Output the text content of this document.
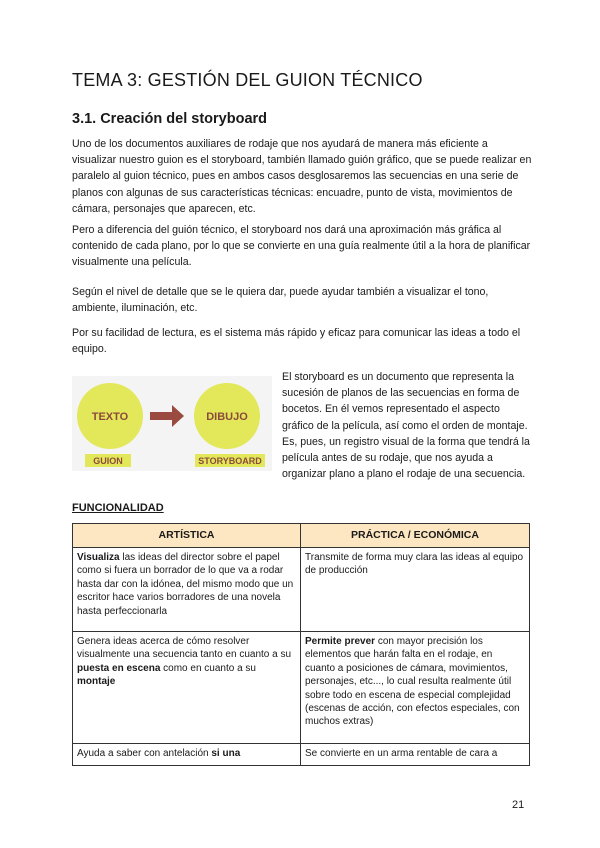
TEMA 3: GESTIÓN DEL GUION TÉCNICO
3.1. Creación del storyboard

Uno de los documentos auxiliares de rodaje que nos ayudará de manera más eficiente a visualizar nuestro guion es el storyboard, también llamado guión gráfico, que se puede realizar en paralelo al guion técnico, pues en ambos casos desglosaremos las secuencias en una serie de planos con algunas de sus características técnicas: encuadre, punto de vista, movimientos de cámara, personajes que aparecen, etc.

Pero a diferencia del guión técnico, el storyboard nos dará una aproximación más gráfica al contenido de cada plano, por lo que se convierte en una guía realmente útil a la hora de planificar visualmente una película.

Según el nivel de detalle que se le quiera dar, puede ayudar también a visualizar el tono, ambiente, iluminación, etc.

Por su facilidad de lectura, es el sistema más rápido y eficaz para comunicar las ideas a todo el equipo.

TEXTO	DIBUJO
GUION	STORYBOARD

El storyboard es un documento que representa la sucesión de planos de las secuencias en forma de bocetos. En él vemos representado el aspecto gráfico de la película, así como el orden de montaje. Es, pues, un registro visual de la forma que tendrá la película antes de su rodaje, que nos ayuda a organizar plano a plano el rodaje de una secuencia.

FUNCIONALIDAD

ARTÍSTICA	PRÁCTICA / ECONÓMICA
Visualiza las ideas del director sobre el papel como si fuera un borrador de lo que va a rodar hasta dar con la idónea, del mismo modo que un escritor hace varios borradores de una novela hasta perfeccionarla	Transmite de forma muy clara las ideas al equipo de producción
Genera ideas acerca de cómo resolver visualmente una secuencia tanto en cuanto a su puesta en escena como en cuanto a su montaje	Permite prever con mayor precisión los elementos que harán falta en el rodaje, en cuanto a posiciones de cámara, movimientos, personajes, etc..., lo cual resulta realmente útil sobre todo en escena de especial complejidad (escenas de acción, con efectos especiales, con muchos extras)
Ayuda a saber con antelación si una	Se convierte en un arma rentable de cara a
21
